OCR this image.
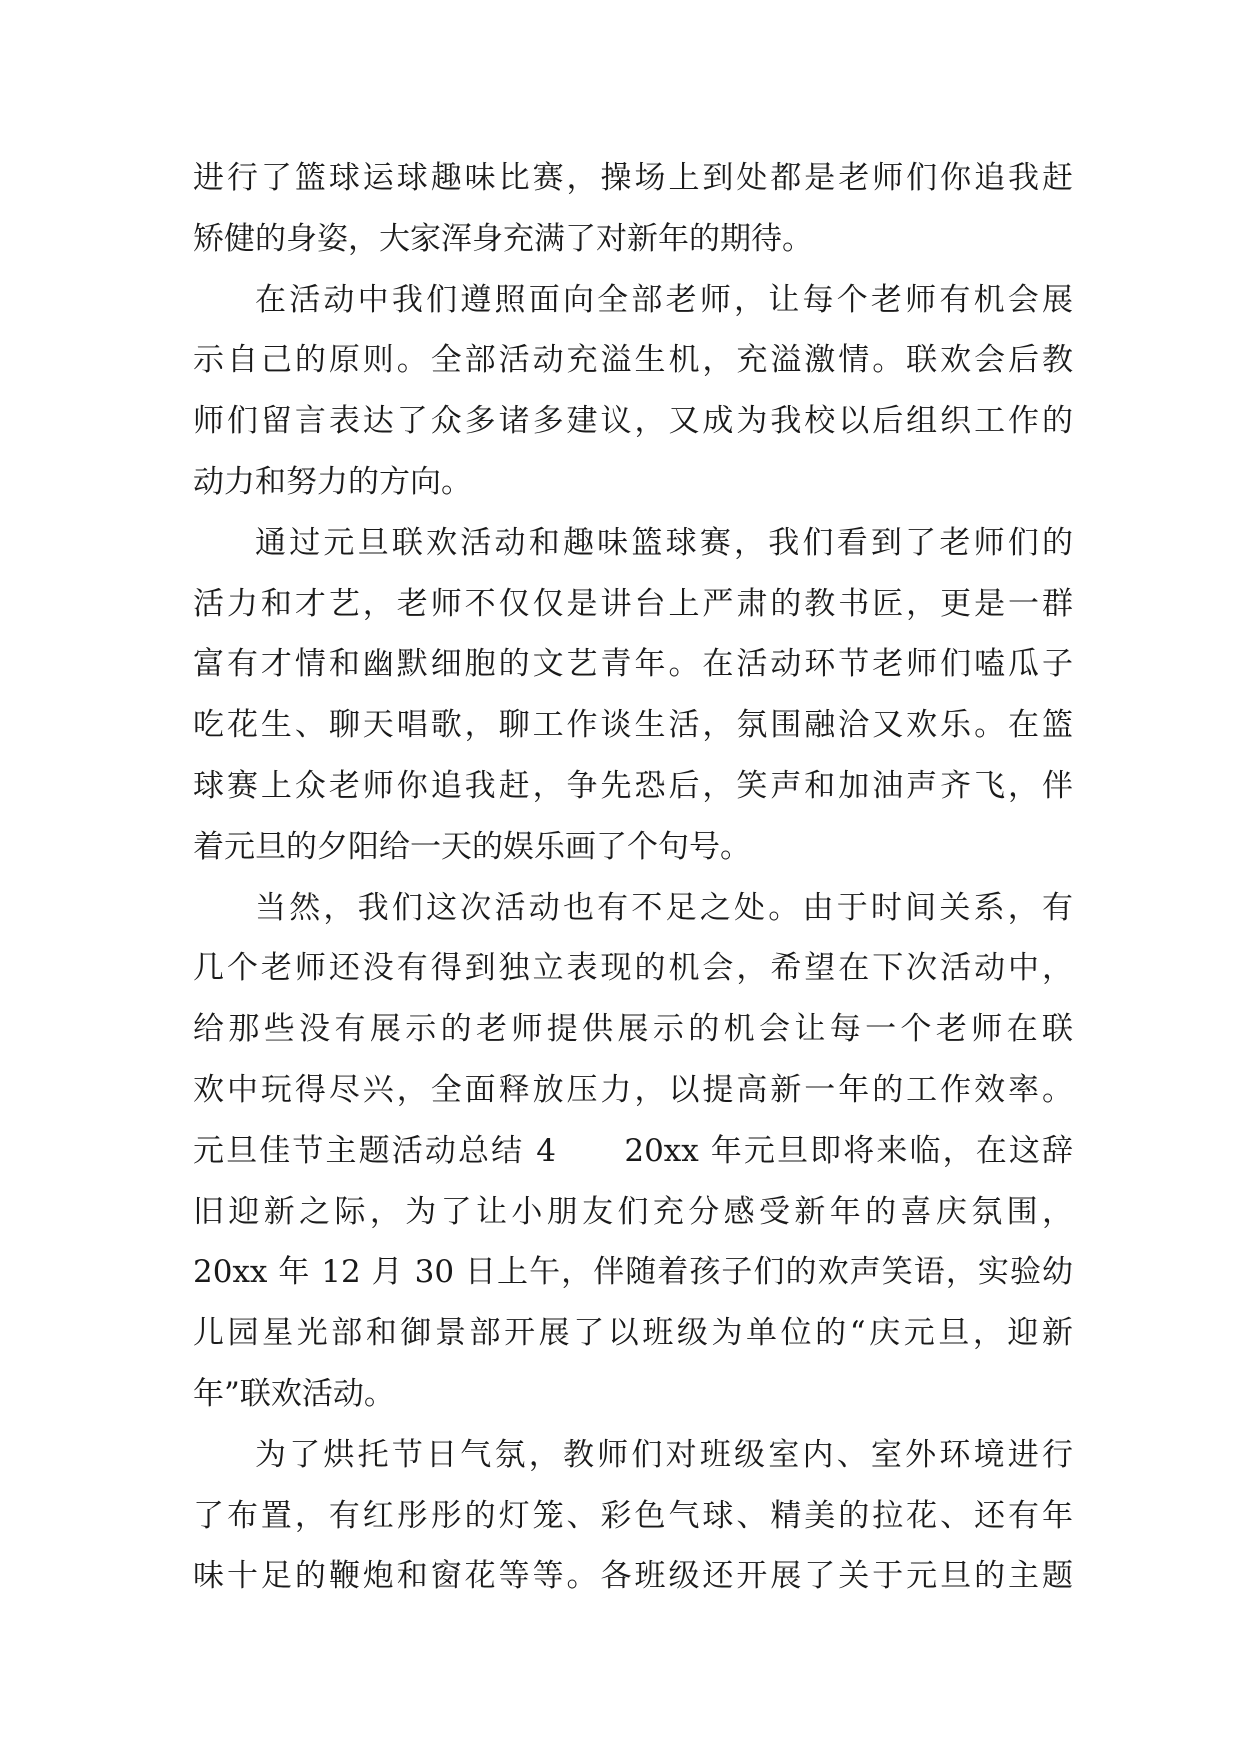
进行了篮球运球趣味比赛，操场上到处都是老师们你追我赶
矫健的身姿，大家浑身充满了对新年的期待。
在活动中我们遵照面向全部老师，让每个老师有机会展
示自己的原则。全部活动充溢生机，充溢激情。联欢会后教
师们留言表达了众多诸多建议，又成为我校以后组织工作的
动力和努力的方向。
通过元旦联欢活动和趣味篮球赛，我们看到了老师们的
活力和才艺，老师不仅仅是讲台上严肃的教书匠，更是一群
富有才情和幽默细胞的文艺青年。在活动环节老师们嗑瓜子
吃花生、聊天唱歌，聊工作谈生活，氛围融洽又欢乐。在篮
球赛上众老师你追我赶，争先恐后，笑声和加油声齐飞，伴
着元旦的夕阳给一天的娱乐画了个句号。
当然，我们这次活动也有不足之处。由于时间关系，有
几个老师还没有得到独立表现的机会，希望在下次活动中，
给那些没有展示的老师提供展示的机会让每一个老师在联
欢中玩得尽兴，全面释放压力，以提高新一年的工作效率。
元旦佳节主题活动总结 4　　20xx 年元旦即将来临，在这辞
旧迎新之际，为了让小朋友们充分感受新年的喜庆氛围，
20xx 年 12 月 30 日上午，伴随着孩子们的欢声笑语，实验幼
儿园星光部和御景部开展了以班级为单位的“庆元旦，迎新
年”联欢活动。
为了烘托节日气氛，教师们对班级室内、室外环境进行
了布置，有红彤彤的灯笼、彩色气球、精美的拉花、还有年
味十足的鞭炮和窗花等等。各班级还开展了关于元旦的主题
